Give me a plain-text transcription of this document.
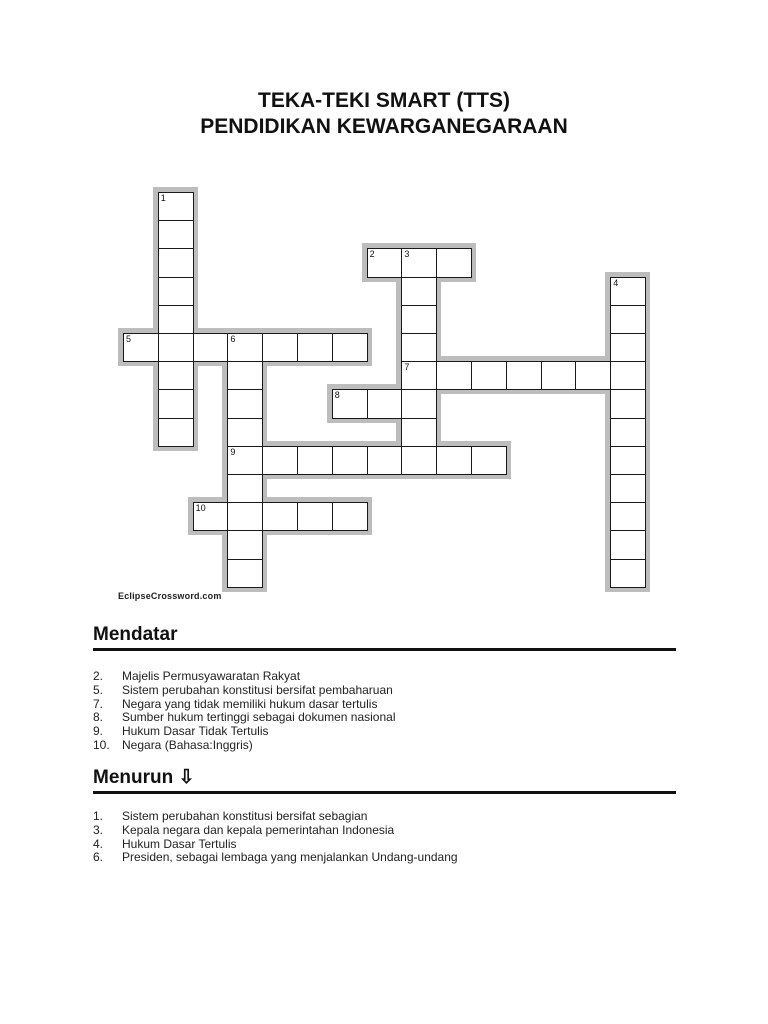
TEKA-TEKI SMART (TTS)
PENDIDIKAN KEWARGANEGARAAN
1
2	3
7
4
5	6
9
8
10
EclipseCrossword.com
Mendatar
2. Majelis Permusyawaratan Rakyat
5. Sistem perubahan konstitusi bersifat pembaharuan
7. Negara yang tidak memiliki hukum dasar tertulis
8. Sumber hukum tertinggi sebagai dokumen nasional
9. Hukum Dasar Tidak Tertulis
10. Negara (Bahasa:Inggris)
Menurun ⇩
1. Sistem perubahan konstitusi bersifat sebagian
3. Kepala negara dan kepala pemerintahan Indonesia
4. Hukum Dasar Tertulis
6. Presiden, sebagai lembaga yang menjalankan Undang-undang
